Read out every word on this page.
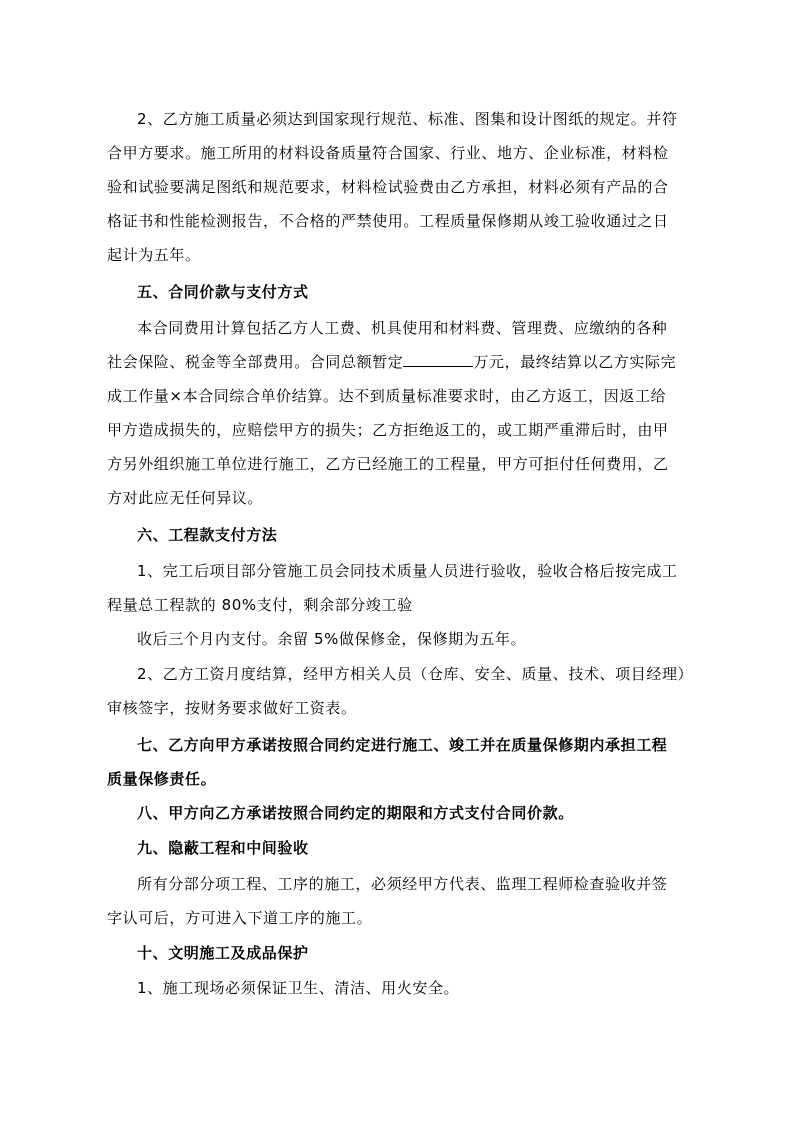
2、乙方施工质量必须达到国家现行规范、标准、图集和设计图纸的规定。并符
合甲方要求。施工所用的材料设备质量符合国家、行业、地方、企业标准，材料检
验和试验要满足图纸和规范要求，材料检试验费由乙方承担，材料必须有产品的合
格证书和性能检测报告，不合格的严禁使用。工程质量保修期从竣工验收通过之日
起计为五年。
五、合同价款与支付方式
本合同费用计算包括乙方人工费、机具使用和材料费、管理费、应缴纳的各种
社会保险、税金等全部费用。合同总额暂定	万元，最终结算以乙方实际完
成工作量×本合同综合单价结算。达不到质量标准要求时，由乙方返工，因返工给
甲方造成损失的，应赔偿甲方的损失；乙方拒绝返工的，或工期严重滞后时，由甲
方另外组织施工单位进行施工，乙方已经施工的工程量，甲方可拒付任何费用，乙
方对此应无任何异议。
六、工程款支付方法
1、完工后项目部分管施工员会同技术质量人员进行验收，验收合格后按完成工
程量总工程款的 80%支付，剩余部分竣工验
收后三个月内支付。余留 5%做保修金，保修期为五年。
2、乙方工资月度结算，经甲方相关人员（仓库、安全、质量、技术、项目经理）
审核签字，按财务要求做好工资表。
七、乙方向甲方承诺按照合同约定进行施工、竣工并在质量保修期内承担工程
质量保修责任。
八、甲方向乙方承诺按照合同约定的期限和方式支付合同价款。
九、隐蔽工程和中间验收
所有分部分项工程、工序的施工，必须经甲方代表、监理工程师检查验收并签
字认可后，方可进入下道工序的施工。
十、文明施工及成品保护
1、施工现场必须保证卫生、清洁、用火安全。
